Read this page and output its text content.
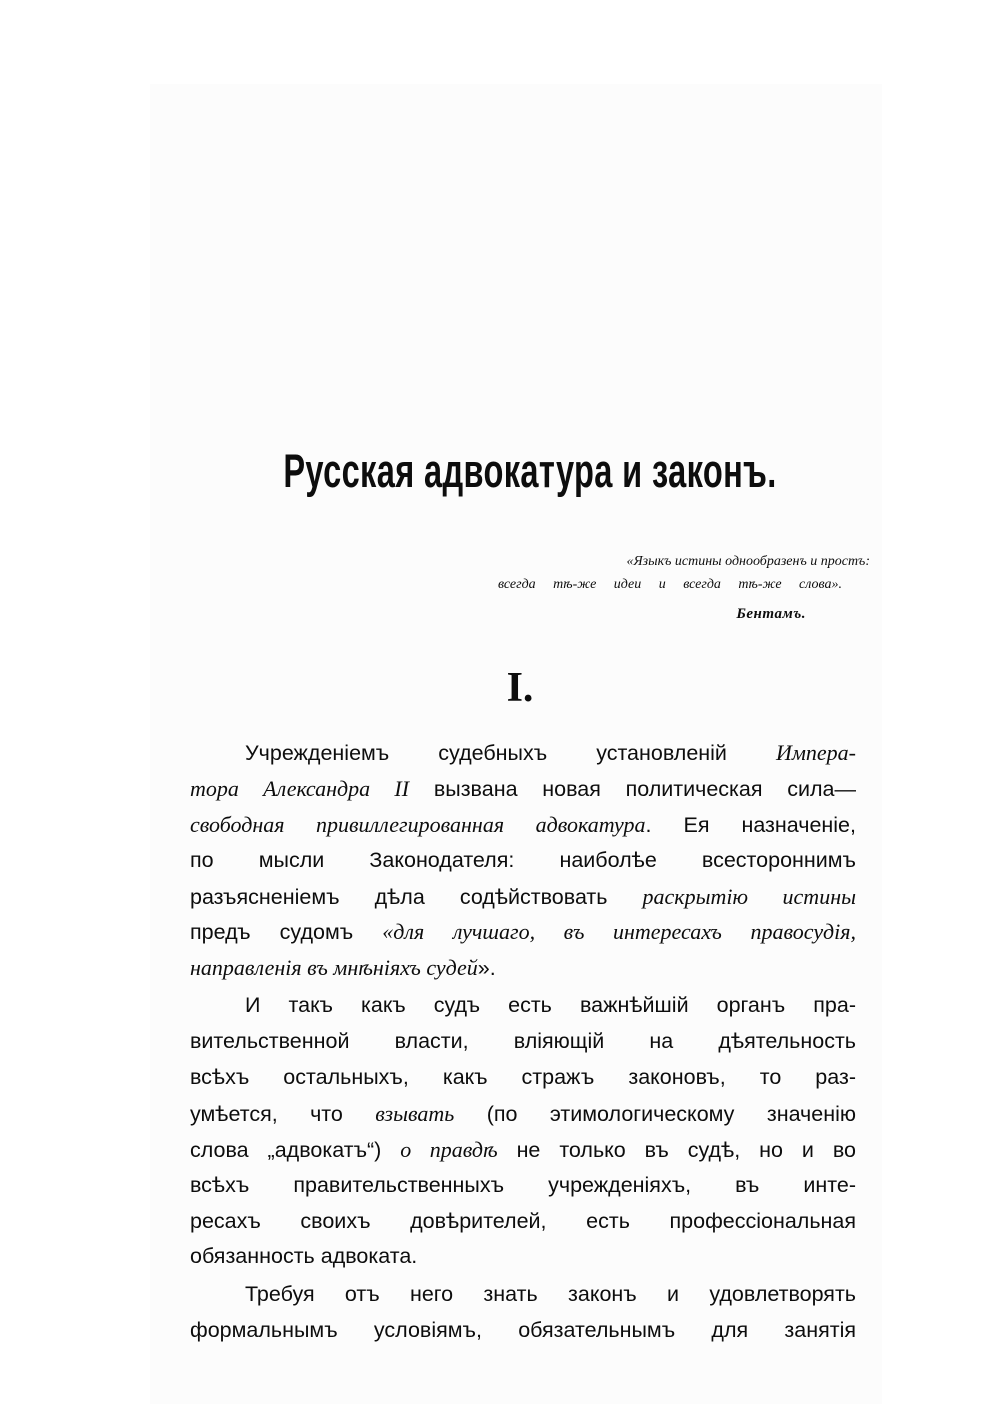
Русская адвокатура и законъ.
«Языкъ истины однообразенъ и простъ:
всегда тѣ-же идеи и всегда тѣ-же слова».
Бентамъ.
I.
Учрежденіемъ судебныхъ установленій Импера-
тора Александра II вызвана новая политическая сила—
свободная привиллегированная адвокатура. Ея назначеніе,
по мысли Законодателя: наиболѣе всестороннимъ
разъясненіемъ дѣла содѣйствовать раскрытію истины
предъ судомъ «для лучшаго, въ интересахъ правосудія,
направленія въ мнѣніяхъ судей».
И такъ какъ судъ есть важнѣйшій органъ пра-
вительственной власти, вліяющій на дѣятельность
всѣхъ остальныхъ, какъ стражъ законовъ, то раз-
умѣется, что взывать (по этимологическому значенію
слова „адвокатъ“) о правдѣ не только въ судѣ, но и во
всѣхъ правительственныхъ учрежденіяхъ, въ инте-
ресахъ своихъ довѣрителей, есть профессіональная
обязанность адвоката.
Требуя отъ него знать законъ и удовлетворять
формальнымъ условіямъ, обязательнымъ для занятія
